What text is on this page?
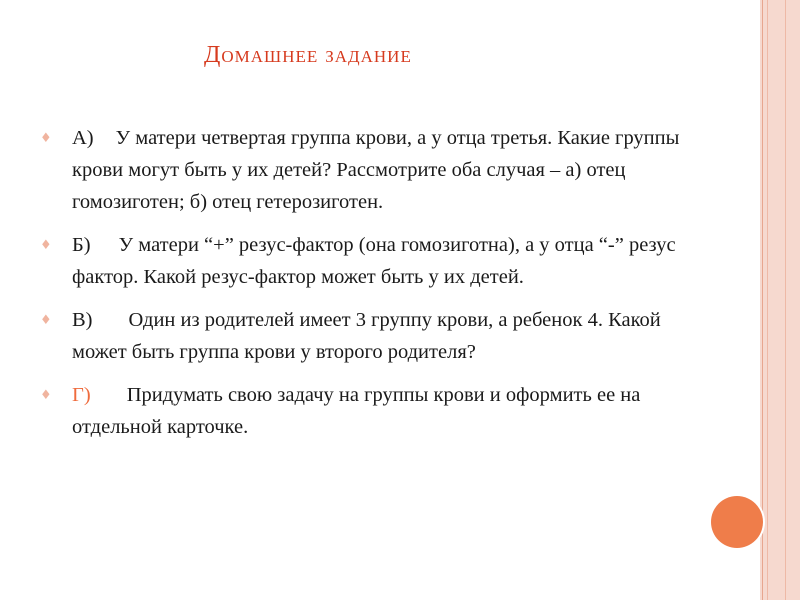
Домашнее задание
♦ А) У матери четвертая группа крови, а у отца третья. Какие группы крови могут быть у их детей? Рассмотрите оба случая – а) отец гомозиготен; б) отец гетерозиготен.
♦ Б) У матери “+” резус-фактор (она гомозиготна), а у отца “-” резус фактор. Какой резус-фактор может быть у их детей.
♦ В) Один из родителей имеет 3 группу крови, а ребенок 4. Какой может быть группа крови у второго родителя?
♦ Г) Придумать свою задачу на группы крови и оформить ее на отдельной карточке.
